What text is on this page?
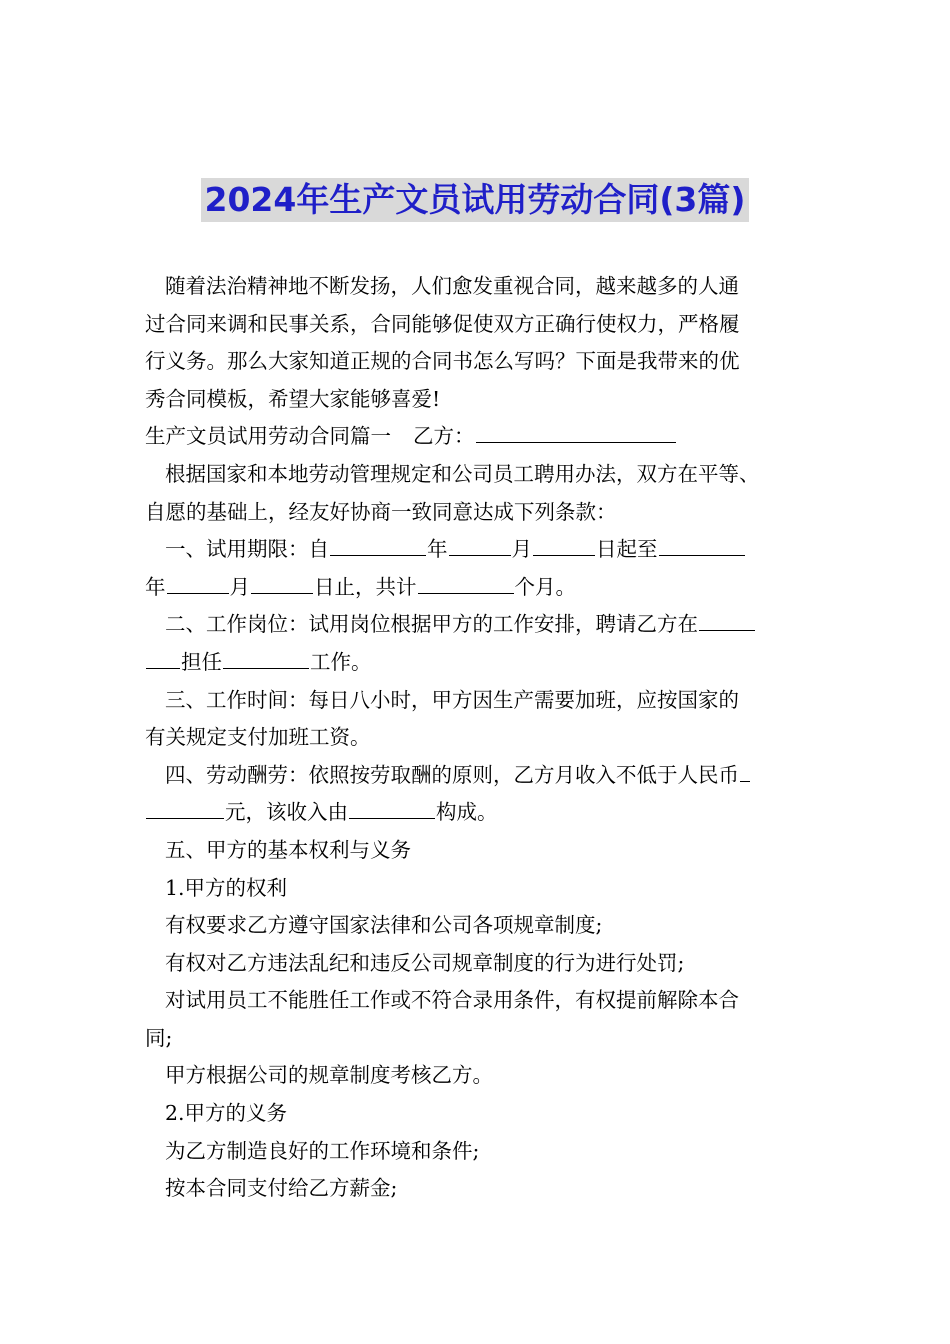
2024年生产文员试用劳动合同(3篇)

随着法治精神地不断发扬，人们愈发重视合同，越来越多的人通

过合同来调和民事关系，合同能够促使双方正确行使权力，严格履

行义务。那么大家知道正规的合同书怎么写吗？下面是我带来的优

秀合同模板，希望大家能够喜爱!

生产文员试用劳动合同篇一 乙方：

根据国家和本地劳动管理规定和公司员工聘用办法，双方在平等、

自愿的基础上，经友好协商一致同意达成下列条款：

一、试用期限：自	年	月	日起至

年	月	日止，共计	个月。

二、工作岗位：试用岗位根据甲方的工作安排，聘请乙方在

担任	工作。

三、工作时间：每日八小时，甲方因生产需要加班，应按国家的

有关规定支付加班工资。

四、劳动酬劳：依照按劳取酬的原则，乙方月收入不低于人民币

元，该收入由	构成。

五、甲方的基本权利与义务

1.甲方的权利

有权要求乙方遵守国家法律和公司各项规章制度;

有权对乙方违法乱纪和违反公司规章制度的行为进行处罚;

对试用员工不能胜任工作或不符合录用条件，有权提前解除本合

同;

甲方根据公司的规章制度考核乙方。

2.甲方的义务

为乙方制造良好的工作环境和条件;

按本合同支付给乙方薪金;
